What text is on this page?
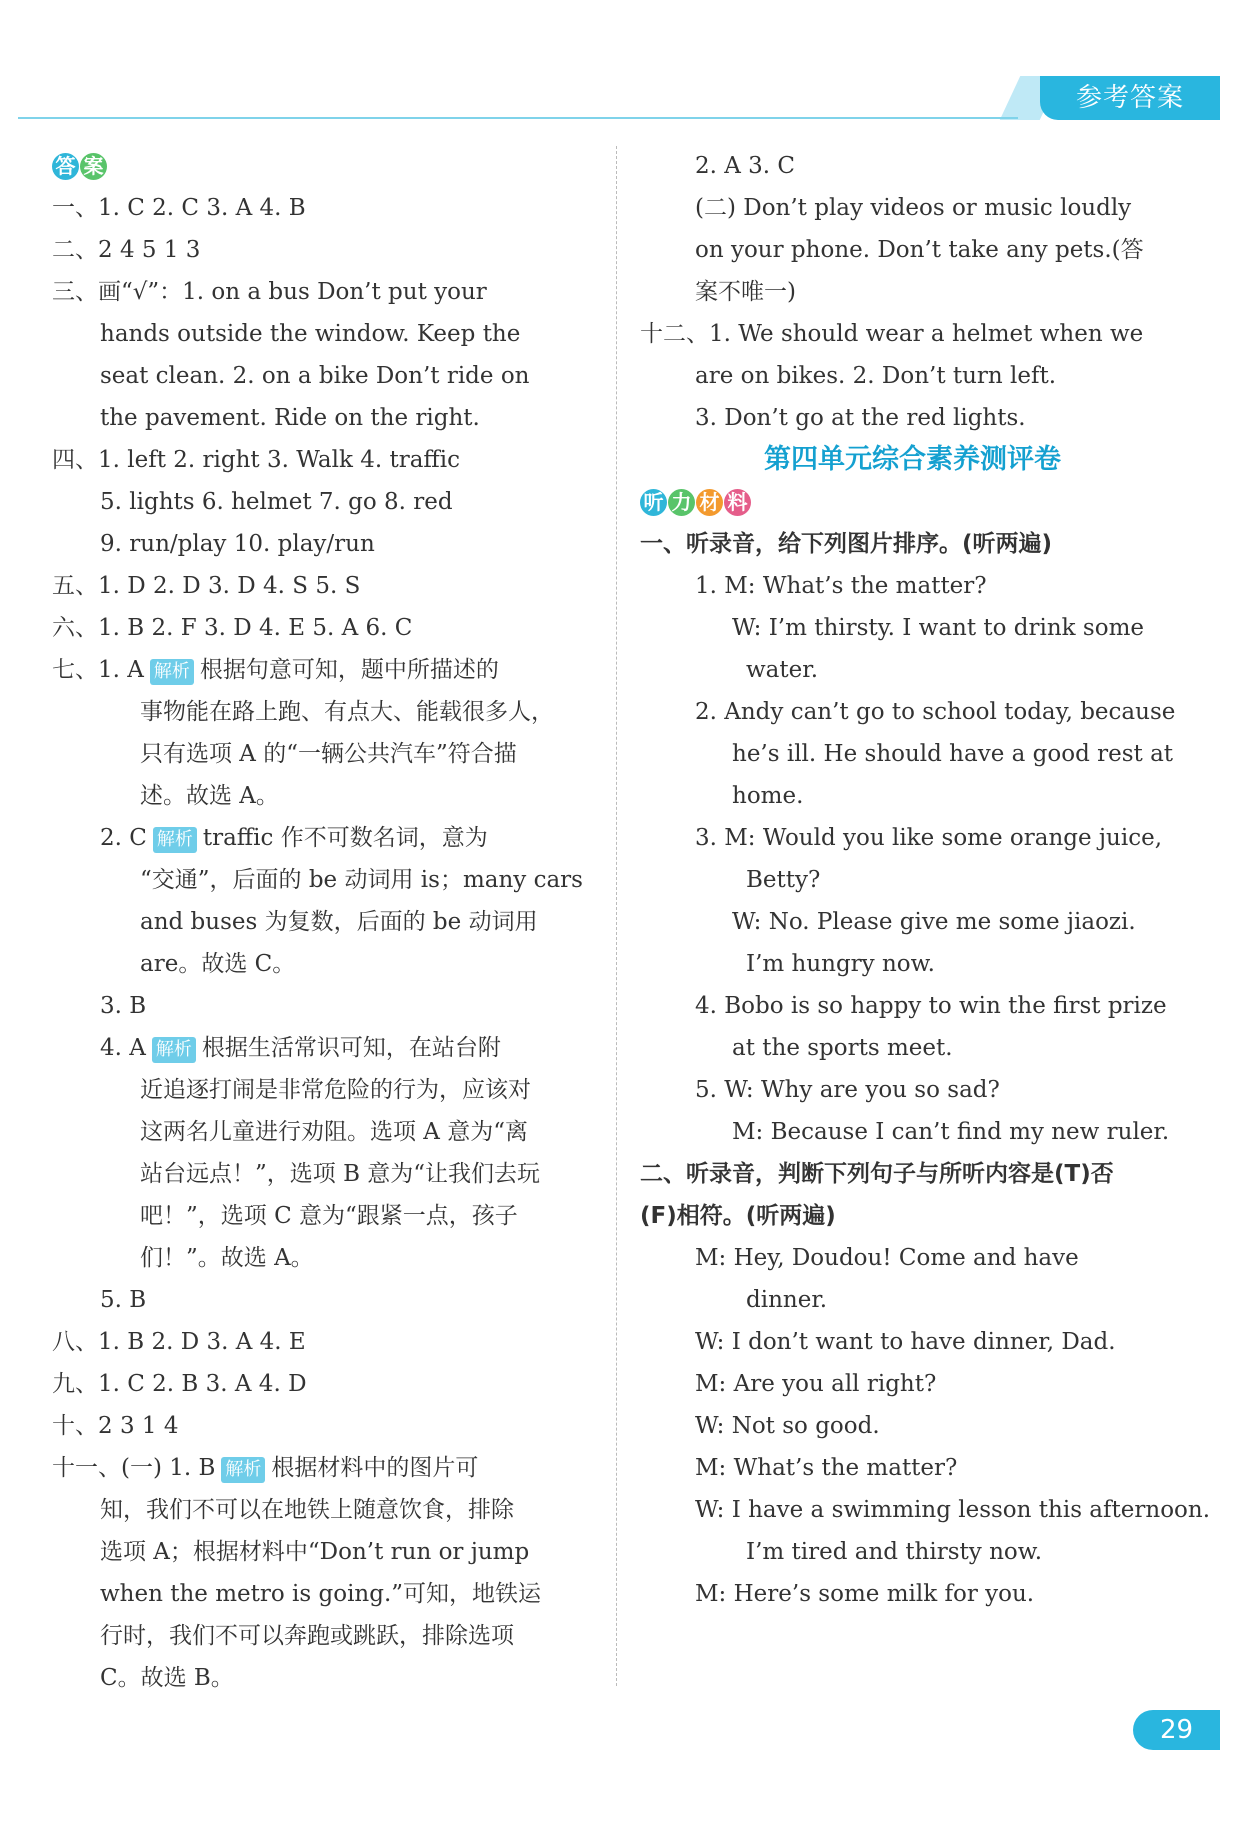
参考答案
答 案
一、1. C 2. C 3. A 4. B
二、2 4 5 1 3
三、画“√”：1. on a bus Don’t put your
hands outside the window. Keep the
seat clean. 2. on a bike Don’t ride on
the pavement. Ride on the right.
四、1. left 2. right 3. Walk 4. traffic
5. lights 6. helmet 7. go 8. red
9. run/play 10. play/run
五、1. D 2. D 3. D 4. S 5. S
六、1. B 2. F 3. D 4. E 5. A 6. C
七、1. A 解析 根据句意可知，题中所描述的
事物能在路上跑、有点大、能载很多人，
只有选项 A 的“一辆公共汽车”符合描
述。故选 A。
2. C 解析 traffic 作不可数名词，意为
“交通”，后面的 be 动词用 is；many cars
and buses 为复数，后面的 be 动词用
are。故选 C。
3. B
4. A 解析 根据生活常识可知，在站台附
近追逐打闹是非常危险的行为，应该对
这两名儿童进行劝阻。选项 A 意为“离
站台远点！”，选项 B 意为“让我们去玩
吧！”，选项 C 意为“跟紧一点，孩子
们！”。故选 A。
5. B
八、1. B 2. D 3. A 4. E
九、1. C 2. B 3. A 4. D
十、2 3 1 4
十一、(一) 1. B 解析 根据材料中的图片可
知，我们不可以在地铁上随意饮食，排除
选项 A；根据材料中“Don’t run or jump
when the metro is going.”可知，地铁运
行时，我们不可以奔跑或跳跃，排除选项
C。故选 B。
2. A 3. C
(二) Don’t play videos or music loudly
on your phone. Don’t take any pets.(答
案不唯一)
十二、1. We should wear a helmet when we
are on bikes. 2. Don’t turn left.
3. Don’t go at the red lights.
第四单元综合素养测评卷
听 力 材 料
一、听录音，给下列图片排序。(听两遍)
1. M: What’s the matter?
W: I’m thirsty. I want to drink some
water.
2. Andy can’t go to school today, because
he’s ill. He should have a good rest at
home.
3. M: Would you like some orange juice,
Betty?
W: No. Please give me some jiaozi.
I’m hungry now.
4. Bobo is so happy to win the first prize
at the sports meet.
5. W: Why are you so sad?
M: Because I can’t find my new ruler.
二、听录音，判断下列句子与所听内容是(T)否
(F)相符。(听两遍)
M: Hey, Doudou! Come and have
dinner.
W: I don’t want to have dinner, Dad.
M: Are you all right?
W: Not so good.
M: What’s the matter?
W: I have a swimming lesson this afternoon.
I’m tired and thirsty now.
M: Here’s some milk for you.
29
